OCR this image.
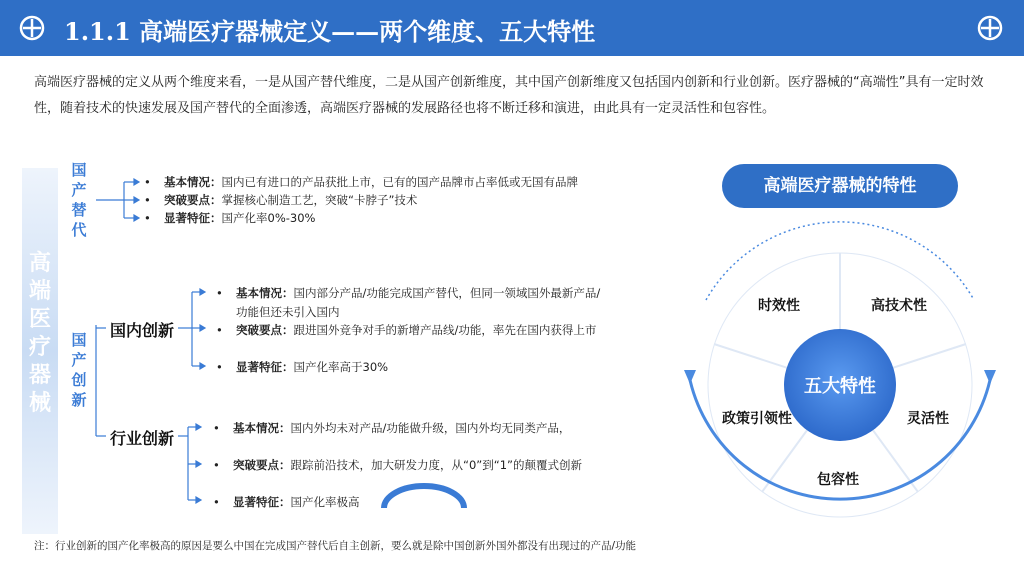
1.1.1 高端医疗器械定义——两个维度、五大特性
高端医疗器械的定义从两个维度来看，一是从国产替代维度，二是从国产创新维度，其中国产创新维度又包括国内创新和行业创新。医疗器械的“高端性”具有一定时效性，随着技术的快速发展及国产替代的全面渗透，高端医疗器械的发展路径也将不断迁移和演进，由此具有一定灵活性和包容性。
高端医疗器械
国产替代
国产创新
国内创新
行业创新
• 基本情况：国内已有进口的产品获批上市，已有的国产品牌市占率低或无国有品牌
• 突破要点：掌握核心制造工艺，突破“卡脖子”技术
• 显著特征：国产化率0%-30%
• 基本情况：国内部分产品/功能完成国产替代，但同一领域国外最新产品/功能但还未引入国内
• 突破要点：跟进国外竞争对手的新增产品线/功能，率先在国内获得上市
• 显著特征：国产化率高于30%
• 基本情况：国内外均未对产品/功能做升级，国内外均无同类产品，
• 突破要点：跟踪前沿技术，加大研发力度，从“0”到“1”的颠覆式创新
• 显著特征：国产化率极高
高端医疗器械的特性
五大特性
时效性	高技术性
灵活性
包容性
政策引领性
注：行业创新的国产化率极高的原因是要么中国在完成国产替代后自主创新，要么就是除中国创新外国外都没有出现过的产品/功能
